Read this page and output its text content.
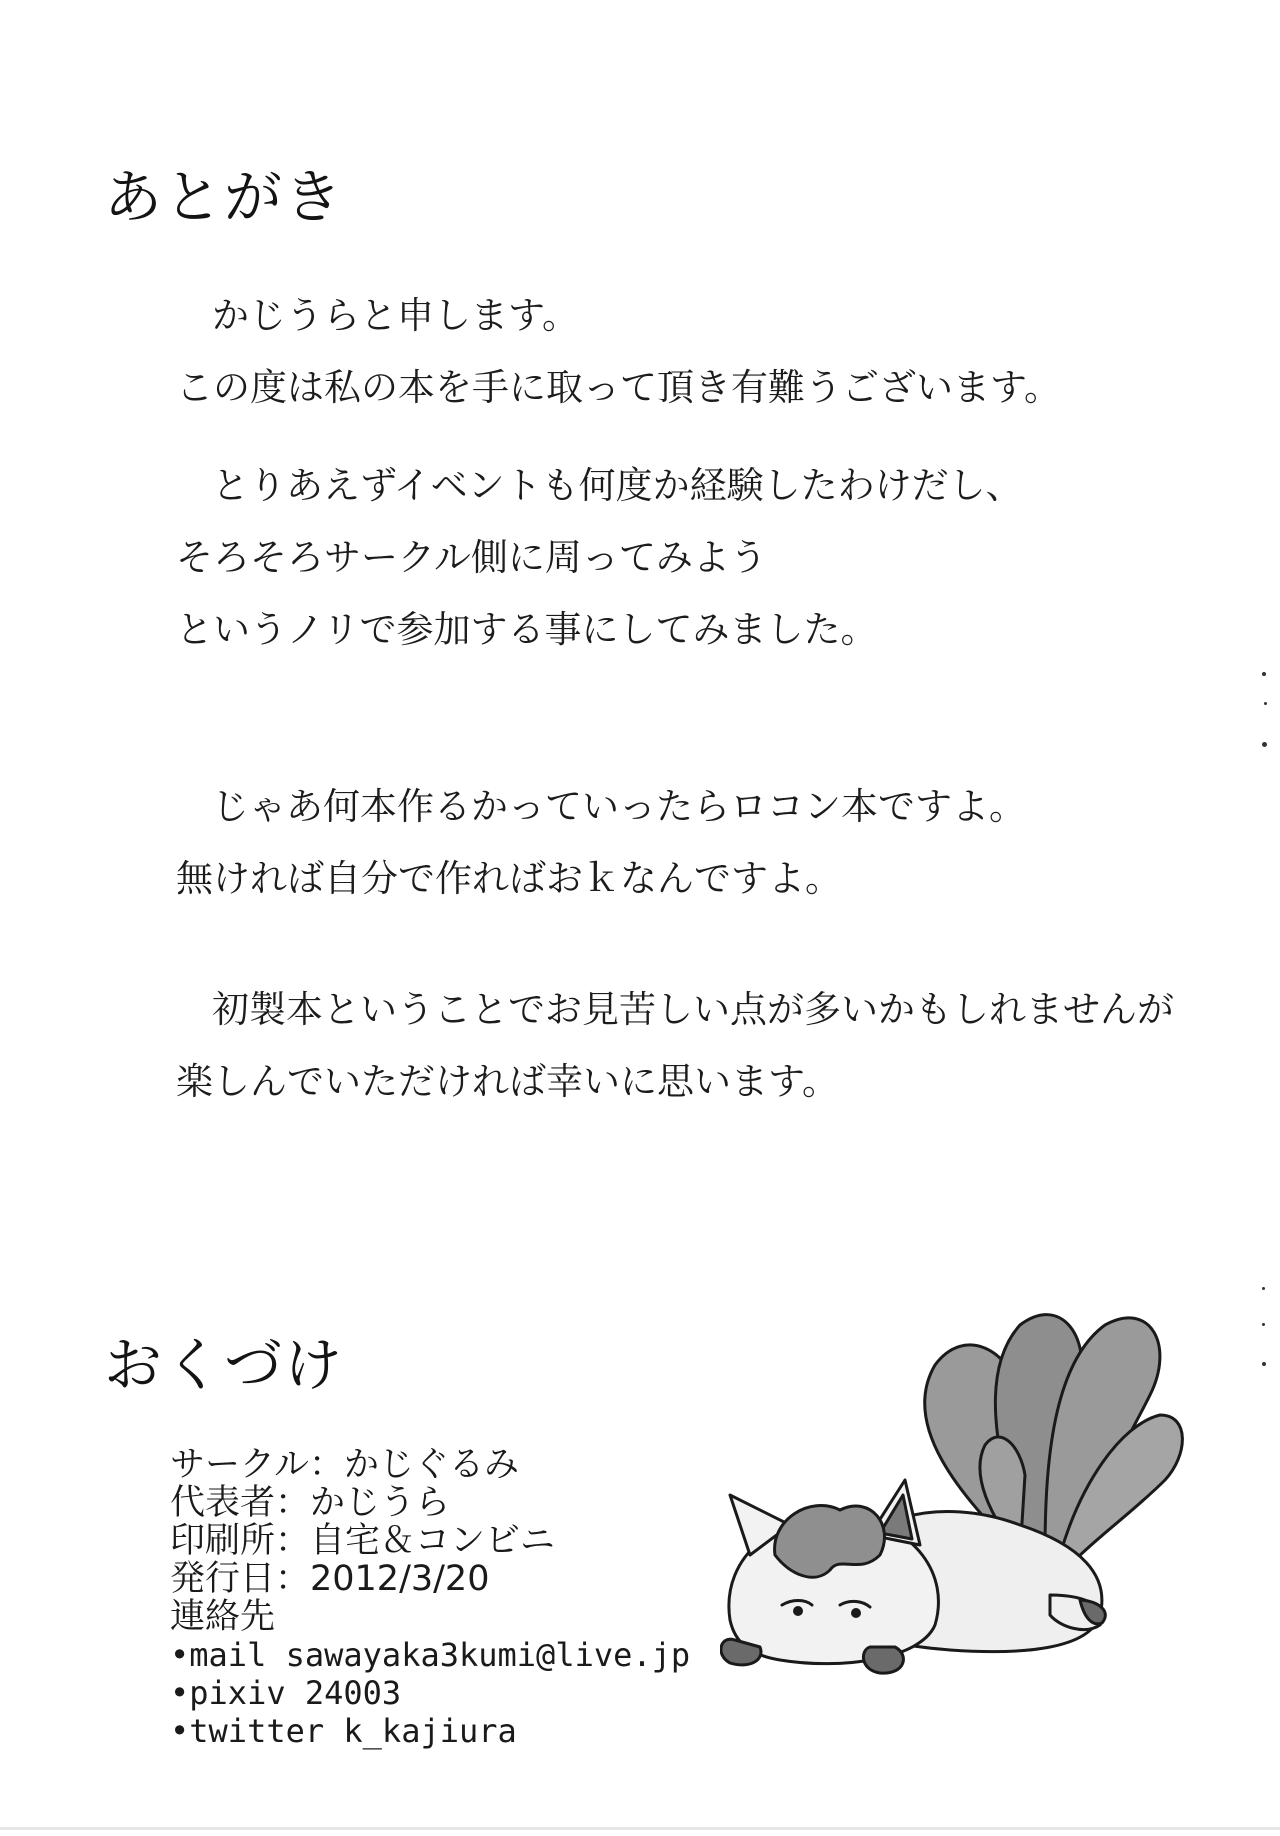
あとがき
かじうらと申します。
この度は私の本を手に取って頂き有難うございます。
とりあえずイベントも何度か経験したわけだし、
そろそろサークル側に周ってみよう
というノリで参加する事にしてみました。
じゃあ何本作るかっていったらロコン本ですよ。
無ければ自分で作ればおｋなんですよ。
初製本ということでお見苦しい点が多いかもしれませんが
楽しんでいただければ幸いに思います。
おくづけ
サークル：かじぐるみ
代表者：かじうら
印刷所：自宅＆コンビニ
発行日：2012/3/20
連絡先
•mail sawayaka3kumi@live.jp
•pixiv 24003
•twitter k_kajiura
